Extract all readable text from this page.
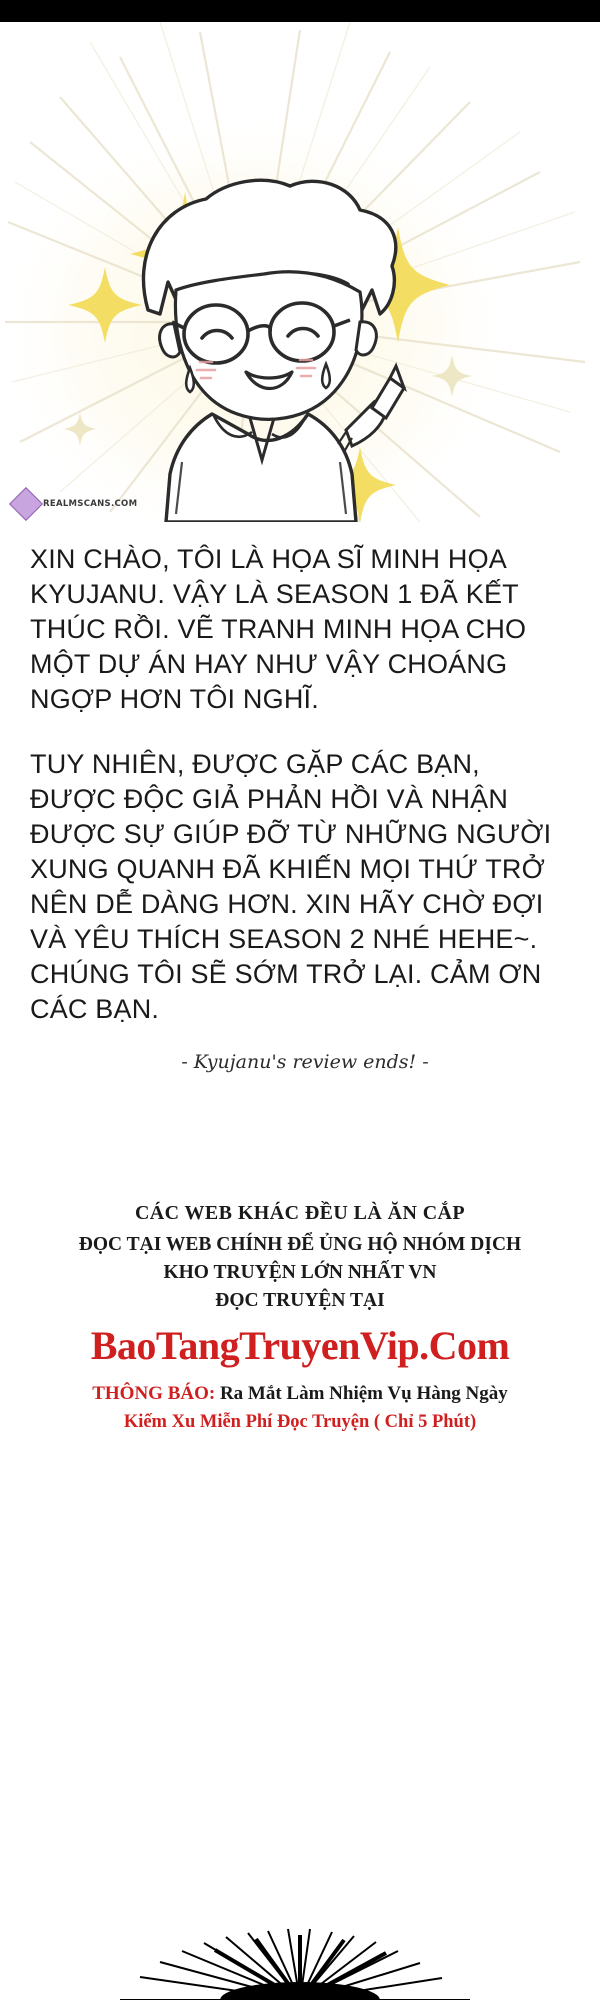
REALMSCANS.COM

XIN CHÀO, TÔI LÀ HỌA SĨ MINH HỌA KYUJANU. VẬY LÀ SEASON 1 ĐÃ KẾT THÚC RỒI. VẼ TRANH MINH HỌA CHO MỘT DỰ ÁN HAY NHƯ VẬY CHOÁNG NGỢP HƠN TÔI NGHĨ.

TUY NHIÊN, ĐƯỢC GẶP CÁC BẠN, ĐƯỢC ĐỘC GIẢ PHẢN HỒI VÀ NHẬN ĐƯỢC SỰ GIÚP ĐỠ TỪ NHỮNG NGƯỜI XUNG QUANH ĐÃ KHIẾN MỌI THỨ TRỞ NÊN DỄ DÀNG HƠN. XIN HÃY CHỜ ĐỢI VÀ YÊU THÍCH SEASON 2 NHÉ HEHE~. CHÚNG TÔI SẼ SỚM TRỞ LẠI. CẢM ƠN CÁC BẠN.

- Kyujanu's review ends! -

CÁC WEB KHÁC ĐỀU LÀ ĂN CẮP
ĐỌC TẠI WEB CHÍNH ĐỂ ỦNG HỘ NHÓM DỊCH
KHO TRUYỆN LỚN NHẤT VN
ĐỌC TRUYỆN TẠI
BaoTangTruyenVip.Com
THÔNG BÁO: Ra Mắt Làm Nhiệm Vụ Hàng Ngày
Kiếm Xu Miễn Phí Đọc Truyện ( Chỉ 5 Phút)
